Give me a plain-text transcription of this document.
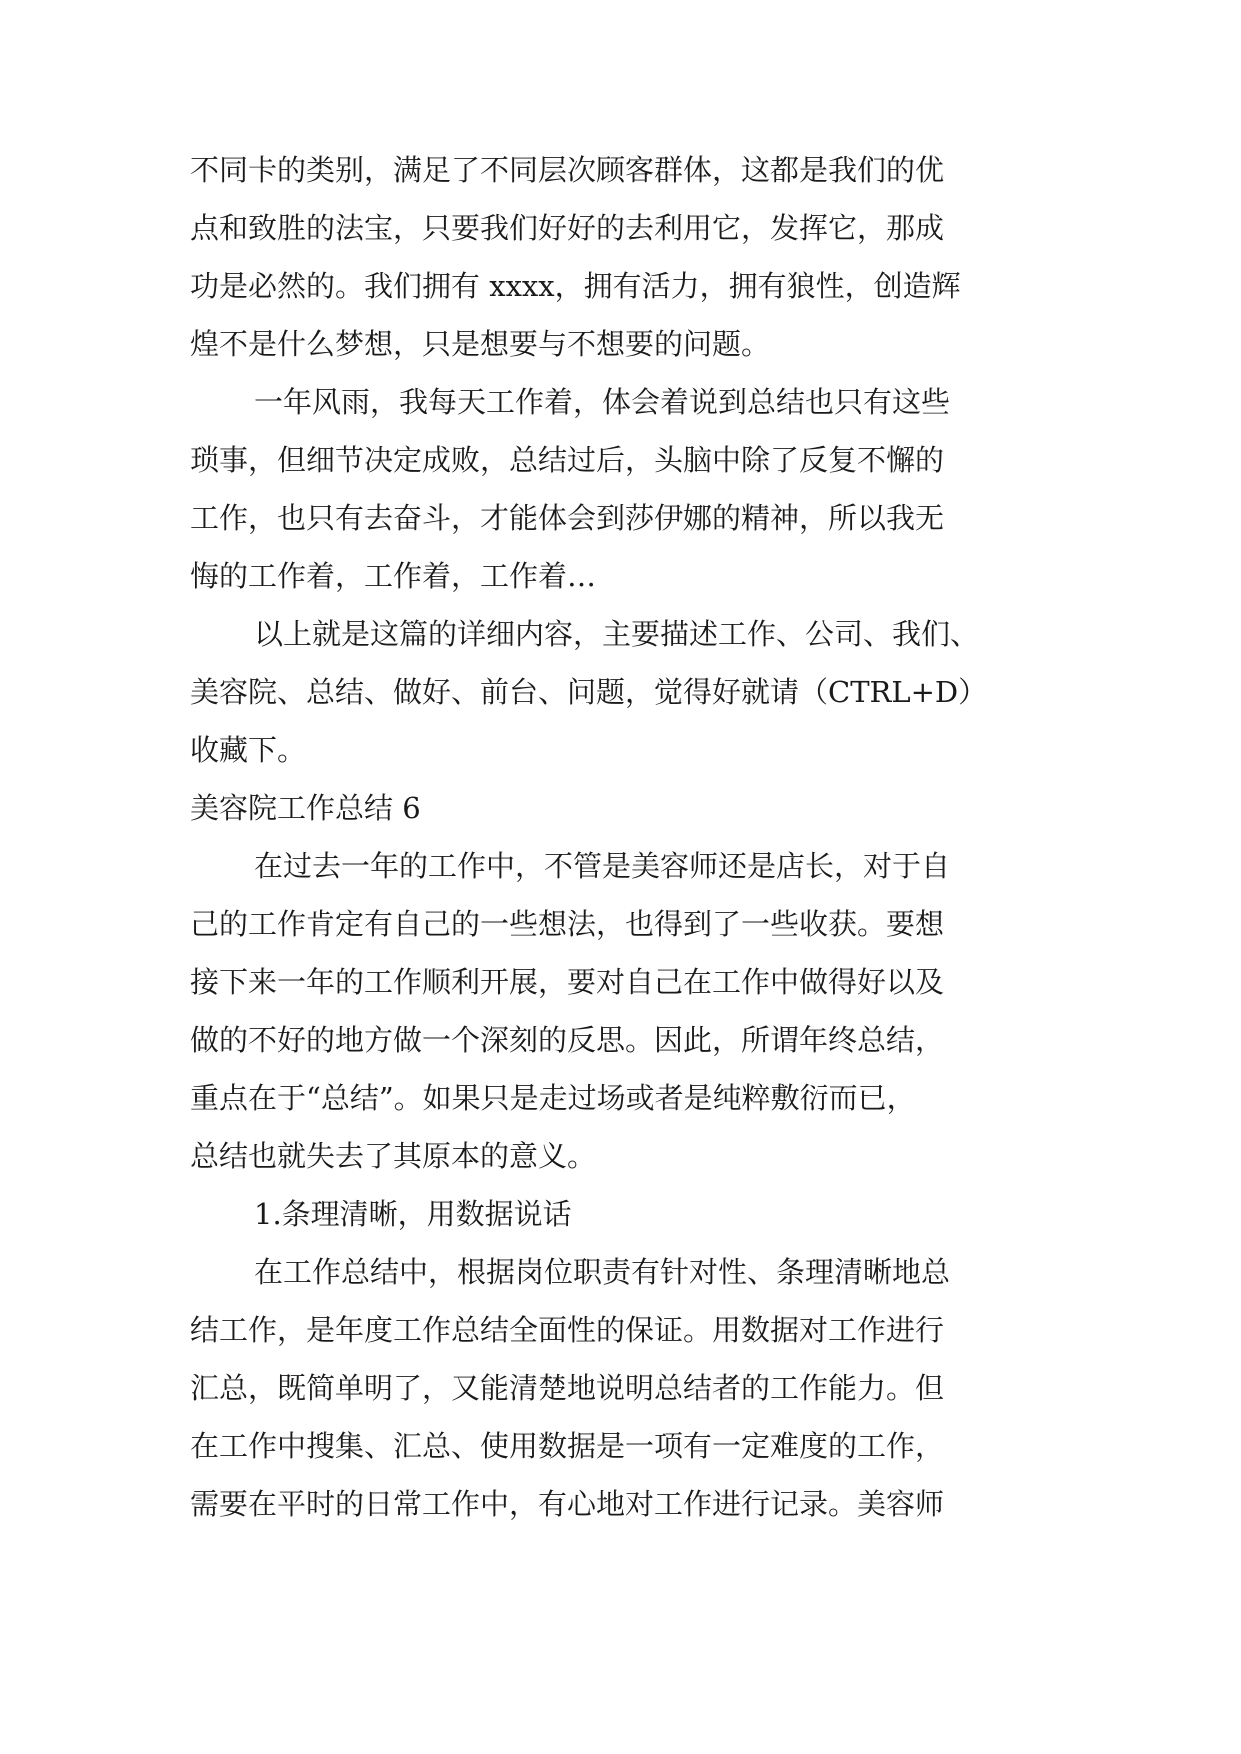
不同卡的类别，满足了不同层次顾客群体，这都是我们的优
点和致胜的法宝，只要我们好好的去利用它，发挥它，那成
功是必然的。我们拥有 xxxx，拥有活力，拥有狼性，创造辉
煌不是什么梦想，只是想要与不想要的问题。
一年风雨，我每天工作着，体会着说到总结也只有这些
琐事，但细节决定成败，总结过后，头脑中除了反复不懈的
工作，也只有去奋斗，才能体会到莎伊娜的精神，所以我无
悔的工作着，工作着，工作着…
以上就是这篇的详细内容，主要描述工作、公司、我们、
美容院、总结、做好、前台、问题，觉得好就请（CTRL+D）
收藏下。
美容院工作总结 6
在过去一年的工作中，不管是美容师还是店长，对于自
己的工作肯定有自己的一些想法，也得到了一些收获。要想
接下来一年的工作顺利开展，要对自己在工作中做得好以及
做的不好的地方做一个深刻的反思。因此，所谓年终总结，
重点在于“总结”。如果只是走过场或者是纯粹敷衍而已，
总结也就失去了其原本的意义。
1.条理清晰，用数据说话
在工作总结中，根据岗位职责有针对性、条理清晰地总
结工作，是年度工作总结全面性的保证。用数据对工作进行
汇总，既简单明了，又能清楚地说明总结者的工作能力。但
在工作中搜集、汇总、使用数据是一项有一定难度的工作，
需要在平时的日常工作中，有心地对工作进行记录。美容师
